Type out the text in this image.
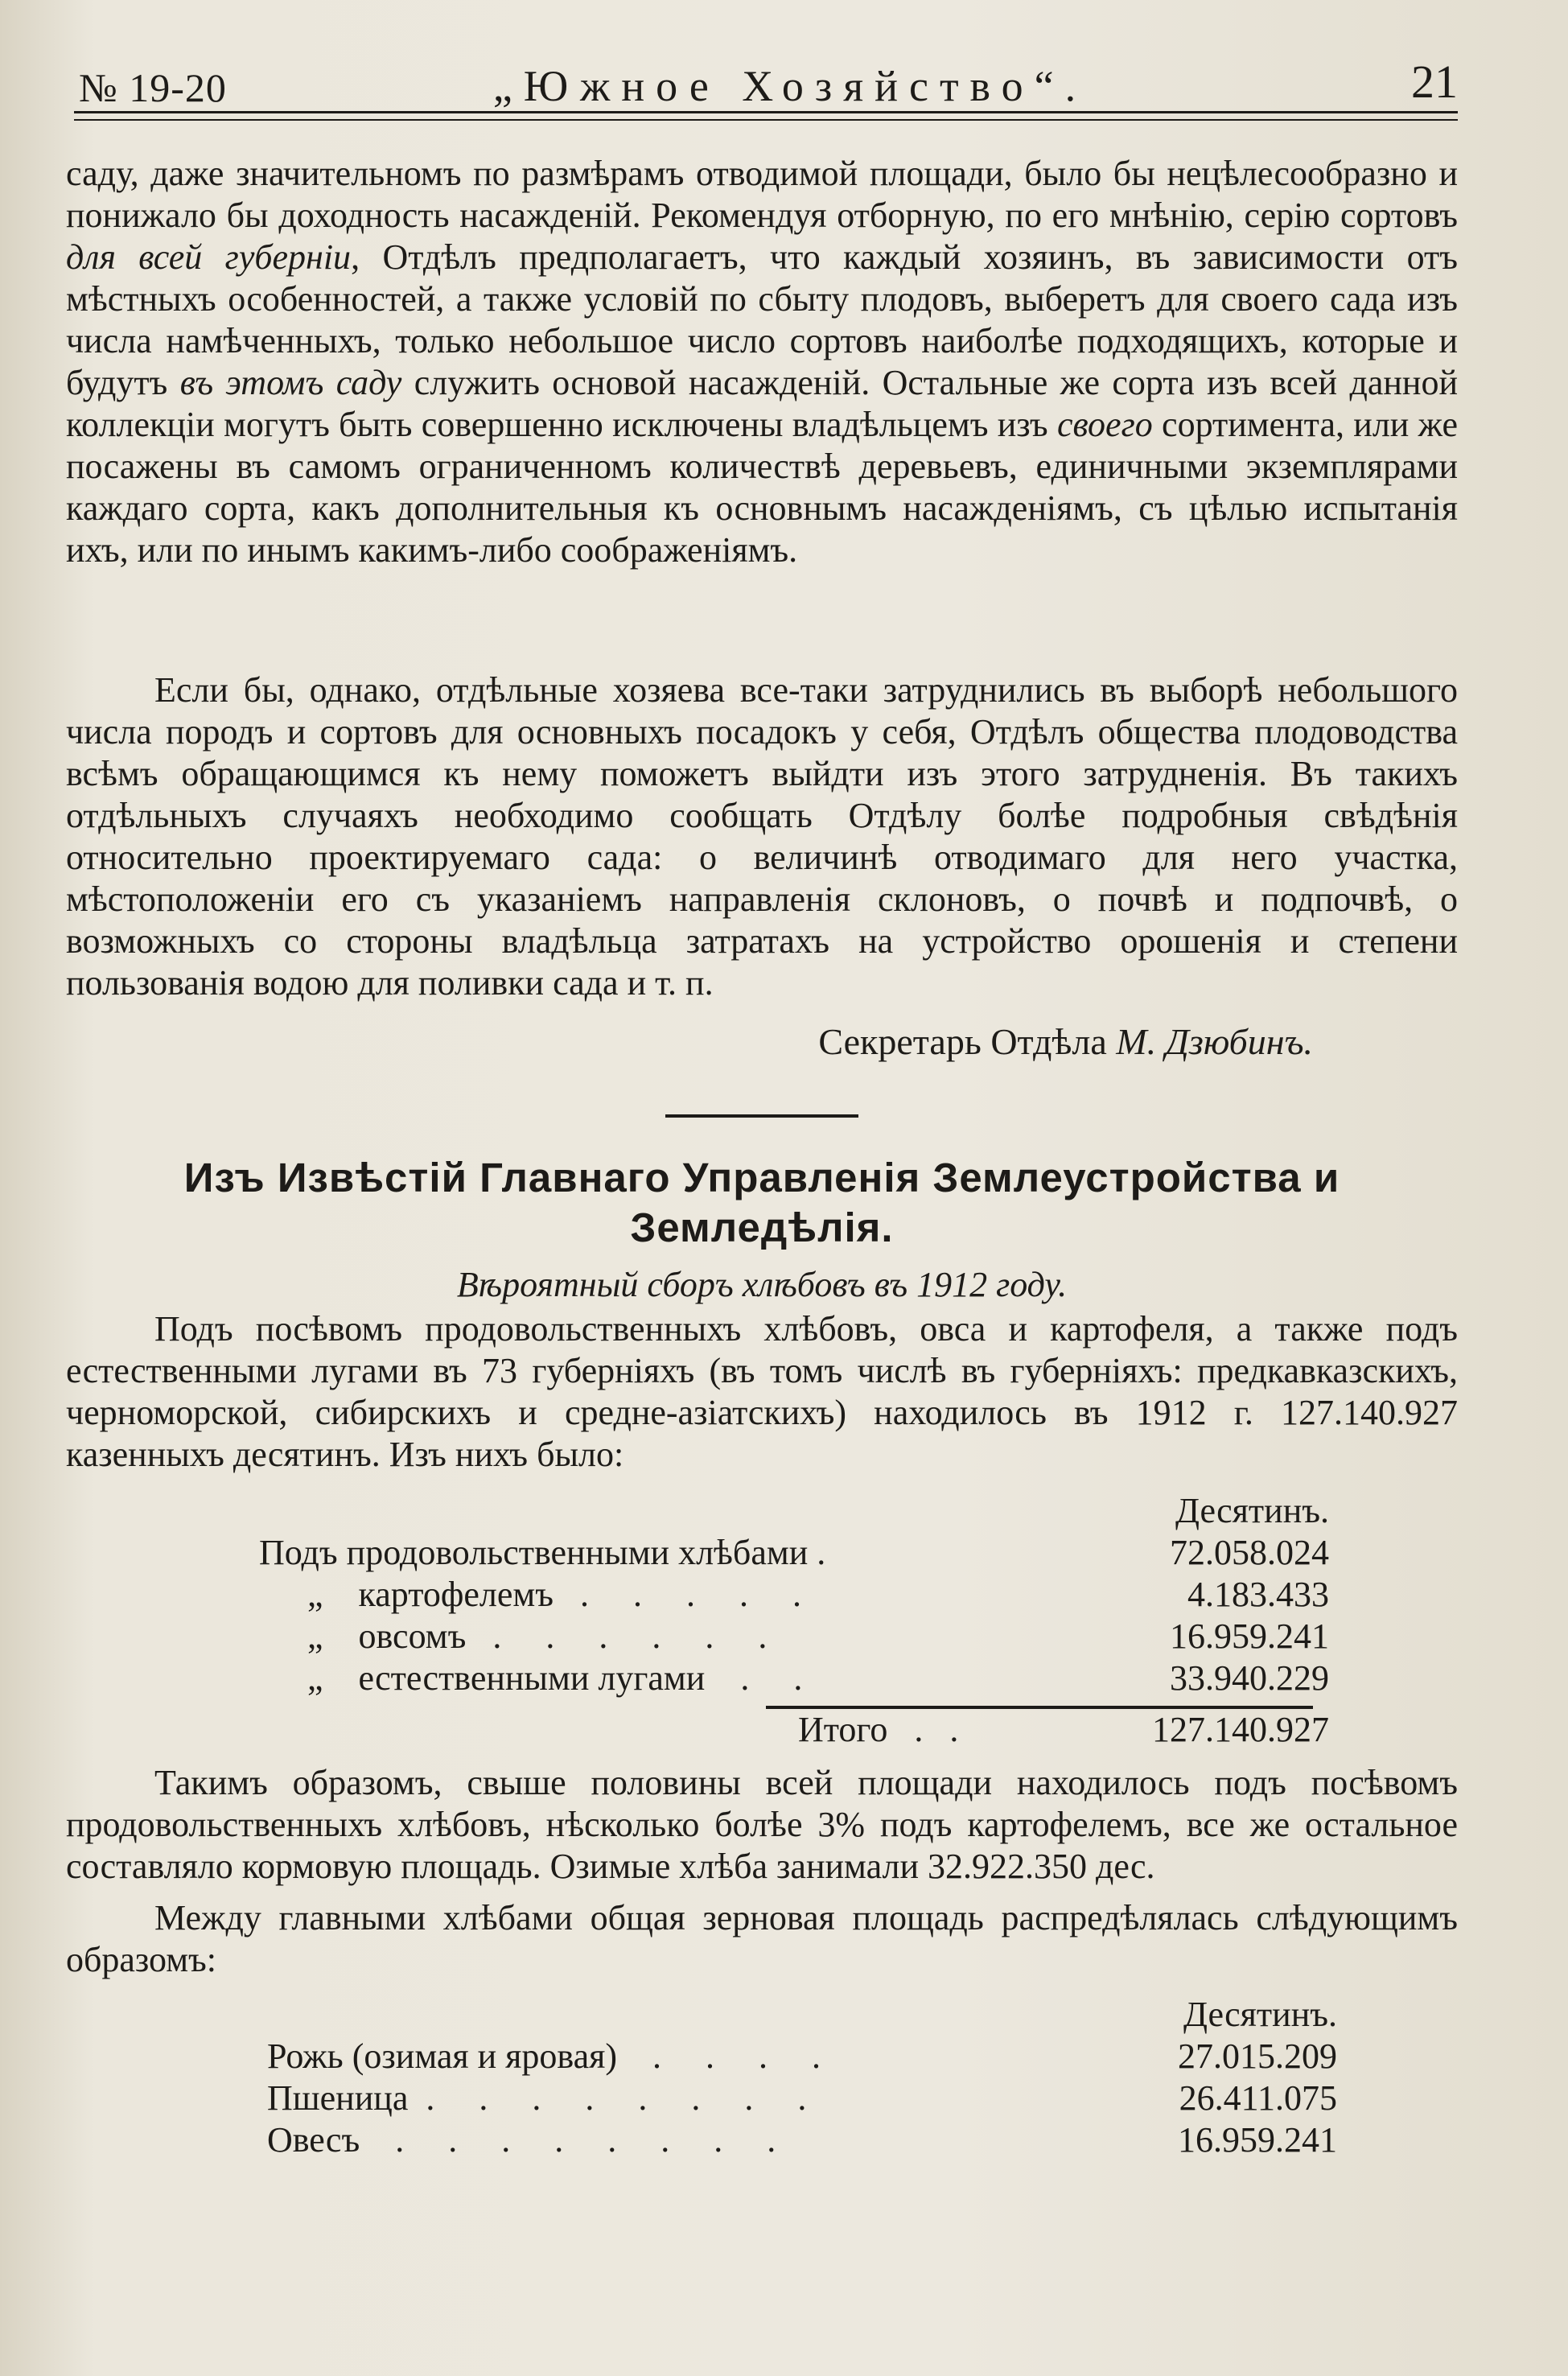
№ 19-20	„Южное Хозяйство“.	21

саду, даже значительномъ по размѣрамъ отводимой площади, было бы нецѣлесообразно и понижало бы доходность насажденій. Рекомендуя отборную, по его мнѣнію, серію сортовъ для всей губерніи, Отдѣлъ предполагаетъ, что каждый хозяинъ, въ зависимости отъ мѣстныхъ особенностей, а также условій по сбыту плодовъ, выберетъ для своего сада изъ числа намѣченныхъ, только небольшое число сортовъ наиболѣе подходящихъ, которые и будутъ въ этомъ саду служить основой насажденій. Остальные же сорта изъ всей данной коллекціи могутъ быть совершенно исключены владѣльцемъ изъ своего сортимента, или же посажены въ самомъ ограниченномъ количествѣ деревьевъ, единичными экземплярами каждаго сорта, какъ дополнительныя къ основнымъ насажденіямъ, съ цѣлью испытанія ихъ, или по инымъ какимъ-либо соображеніямъ.

Если бы, однако, отдѣльные хозяева все-таки затруднились въ выборѣ небольшого числа породъ и сортовъ для основныхъ посадокъ у себя, Отдѣлъ общества плодоводства всѣмъ обращающимся къ нему поможетъ выйдти изъ этого затрудненія. Въ такихъ отдѣльныхъ случаяхъ необходимо сообщать Отдѣлу болѣе подробныя свѣдѣнія относительно проектируемаго сада: о величинѣ отводимаго для него участка, мѣстоположеніи его съ указаніемъ направленія склоновъ, о почвѣ и подпочвѣ, о возможныхъ со стороны владѣльца затратахъ на устройство орошенія и степени пользованія водою для поливки сада и т. п.

Секретарь Отдѣла М. Дзюбинъ.
Изъ Извѣстій Главнаго Управленія Землеустройства и Земледѣлія.
Вѣроятный сборъ хлѣбовъ въ 1912 году.

Подъ посѣвомъ продовольственныхъ хлѣбовъ, овса и картофеля, а также подъ естественными лугами въ 73 губерніяхъ (въ томъ числѣ въ губерніяхъ: предкавказскихъ, черноморской, сибирскихъ и средне-азіатскихъ) находилось въ 1912 г. 127.140.927 казенныхъ десятинъ. Изъ нихъ было:

Десятинъ.
Подъ продовольственными хлѣбами .	72.058.024
„    картофелемъ   .     .     .     .     .	4.183.433
„    овсомъ   .     .     .     .     .     .	16.959.241
„    естественными лугами    .     .	33.940.229
Итого   .   .	127.140.927

Такимъ образомъ, свыше половины всей площади находилось подъ посѣвомъ продовольственныхъ хлѣбовъ, нѣсколько болѣе 3% подъ картофелемъ, все же остальное составляло кормовую площадь. Озимые хлѣба занимали 32.922.350 дес.

Между главными хлѣбами общая зерновая площадь распредѣлялась слѣдующимъ образомъ:

Десятинъ.
Рожь (озимая и яровая)    .     .     .     .	27.015.209
Пшеница  .     .     .     .     .     .     .     .	26.411.075
Овесъ    .     .     .     .     .     .     .     .	16.959.241
